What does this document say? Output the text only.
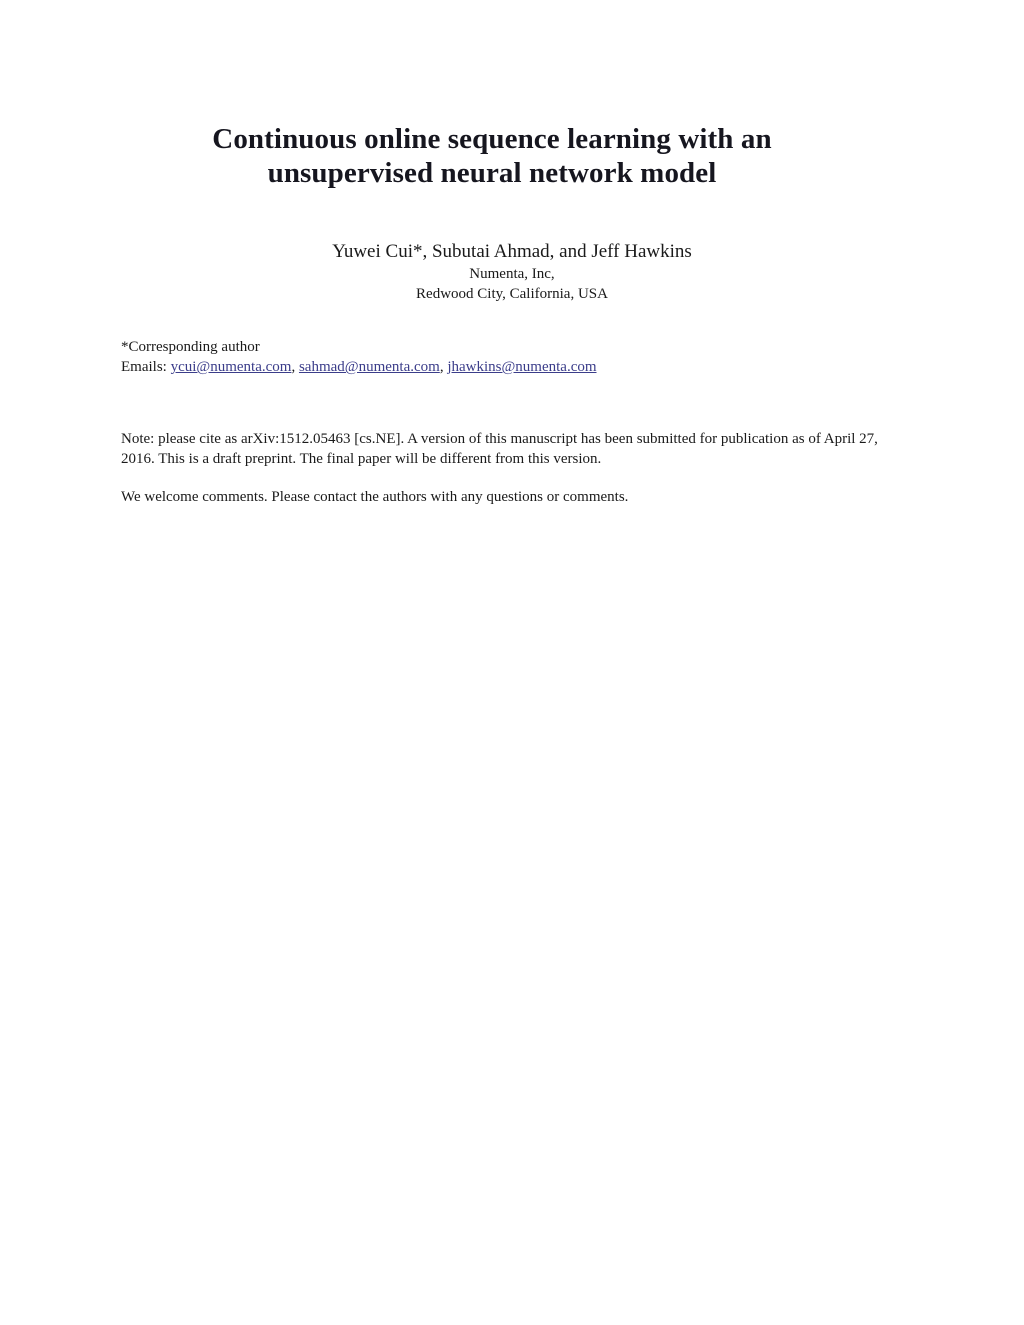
Continuous online sequence learning with an
unsupervised neural network model
Yuwei Cui*, Subutai Ahmad, and Jeff Hawkins
Numenta, Inc,
Redwood City, California, USA
*Corresponding author
Emails: ycui@numenta.com, sahmad@numenta.com, jhawkins@numenta.com
Note: please cite as arXiv:1512.05463 [cs.NE]. A version of this manuscript has been submitted for publication as of April 27, 2016. This is a draft preprint. The final paper will be different from this version.
We welcome comments. Please contact the authors with any questions or comments.
